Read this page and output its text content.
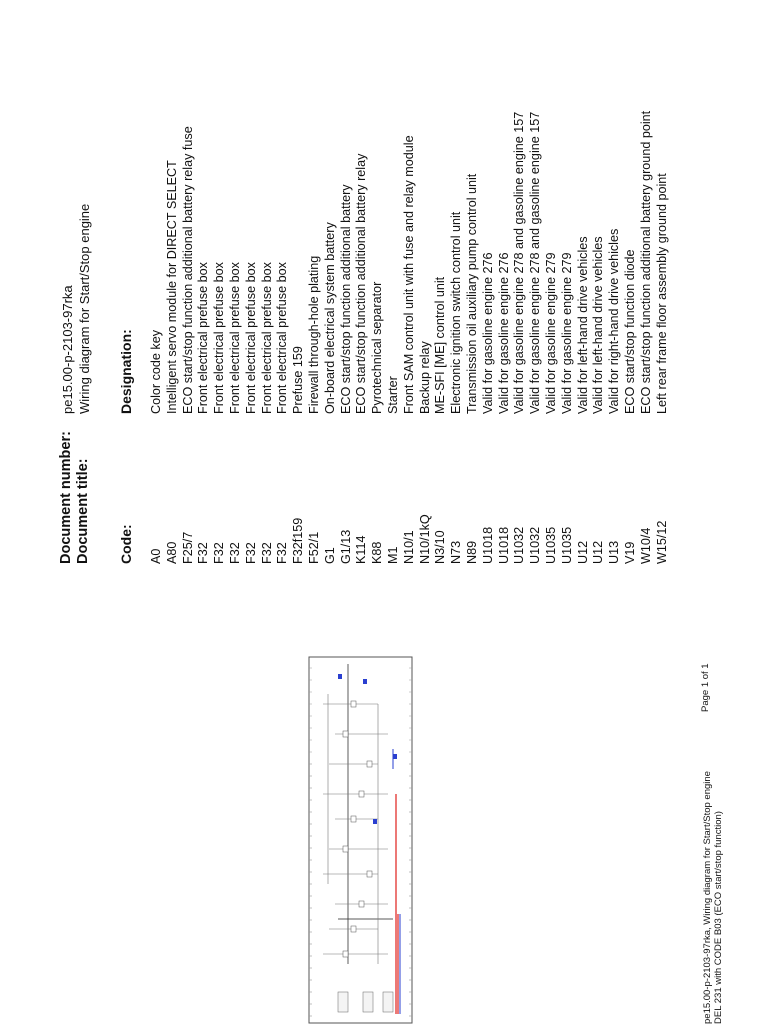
Document number:
pe15.00-p-2103-97rka
Document title:
Wiring diagram for Start/Stop engine
Code:
Designation:
A0
Color code key
A80
Intelligent servo module for DIRECT SELECT
F25/7
ECO start/stop function additional battery relay fuse
F32
Front electrical prefuse box
F32
Front electrical prefuse box
F32
Front electrical prefuse box
F32
Front electrical prefuse box
F32
Front electrical prefuse box
F32
Front electrical prefuse box
F32f159
Prefuse 159
F52/1
Firewall through-hole plating
G1
On-board electrical system battery
G1/13
ECO start/stop function additional battery
K114
ECO start/stop function additional battery relay
K88
Pyrotechnical separator
M1
Starter
N10/1
Front SAM control unit with fuse and relay module
N10/1kQ
Backup relay
N3/10
ME-SFI [ME] control unit
N73
Electronic ignition switch control unit
N89
Transmission oil auxiliary pump control unit
U1018
Valid for gasoline engine 276
U1018
Valid for gasoline engine 276
U1032
Valid for gasoline engine 278 and gasoline engine 157
U1032
Valid for gasoline engine 278 and gasoline engine 157
U1035
Valid for gasoline engine 279
U1035
Valid for gasoline engine 279
U12
Valid for left-hand drive vehicles
U12
Valid for left-hand drive vehicles
U13
Valid for right-hand drive vehicles
V19
ECO start/stop function diode
W10/4
ECO start/stop function additional battery ground point
W15/12
Left rear frame floor assembly ground point
pe15.00-p-2103-97rka, Wiring diagram for Start/Stop engine DEL 231 with CODE B03 (ECO start/stop function)
Page 1 of 1
